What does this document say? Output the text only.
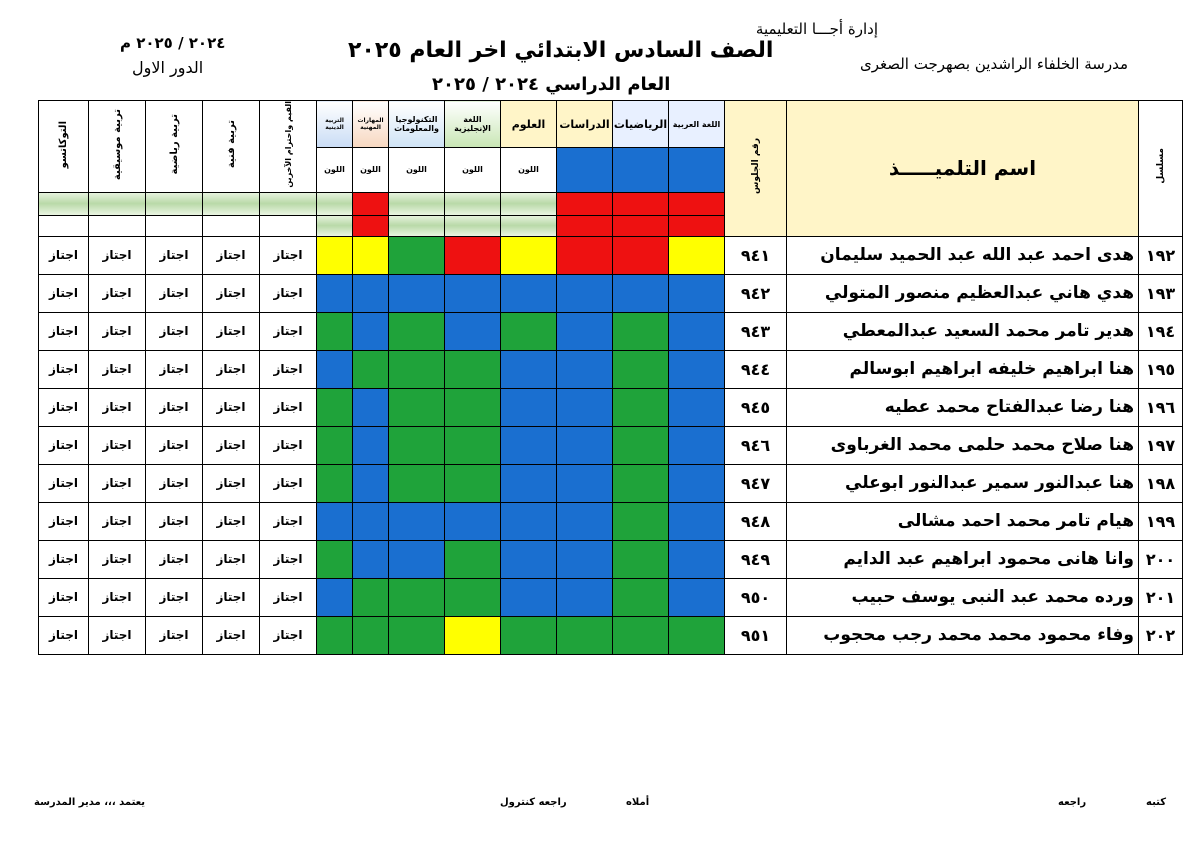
إدارة أجـــا التعليمية
مدرسة الخلفاء الراشدين بصهرجت الصغرى
الصف السادس الابتدائي اخر العام ٢٠٢٥
العام الدراسي ٢٠٢٤ / ٢٠٢٥
٢٠٢٤ / ٢٠٢٥ م
الدور الاول
مسلسل	اسم التلميـــــذ	رقم الجلوس	اللغة العربية	الرياضيات	الدراسات	العلوم	اللغة الإنجليزية	التكنولوجيا والمعلومات	المهارات المهنية	التربية الدينية	القيم واحترام الآخرين	تربية فنية	تربية رياضية	تربية موسيقية	التوكاتسو
						اللون	اللون	اللون	اللون	اللون					

١٩٢	هدى احمد عبد الله عبد الحميد سليمان	٩٤١									اجتاز	اجتاز	اجتاز	اجتاز	اجتاز
١٩٣	هدي هاني عبدالعظيم منصور المتولي	٩٤٢									اجتاز	اجتاز	اجتاز	اجتاز	اجتاز
١٩٤	هدير تامر محمد السعيد عبدالمعطي	٩٤٣									اجتاز	اجتاز	اجتاز	اجتاز	اجتاز
١٩٥	هنا ابراهيم خليفه ابراهيم ابوسالم	٩٤٤									اجتاز	اجتاز	اجتاز	اجتاز	اجتاز
١٩٦	هنا رضا عبدالفتاح محمد عطيه	٩٤٥									اجتاز	اجتاز	اجتاز	اجتاز	اجتاز
١٩٧	هنا صلاح محمد حلمى محمد الغرباوى	٩٤٦									اجتاز	اجتاز	اجتاز	اجتاز	اجتاز
١٩٨	هنا عبدالنور سمير عبدالنور ابوعلي	٩٤٧									اجتاز	اجتاز	اجتاز	اجتاز	اجتاز
١٩٩	هيام تامر محمد احمد مشالى	٩٤٨									اجتاز	اجتاز	اجتاز	اجتاز	اجتاز
٢٠٠	وانا هانى محمود ابراهيم عبد الدايم	٩٤٩									اجتاز	اجتاز	اجتاز	اجتاز	اجتاز
٢٠١	ورده محمد عبد النبى يوسف حبيب	٩٥٠									اجتاز	اجتاز	اجتاز	اجتاز	اجتاز
٢٠٢	وفاء محمود محمد محمد رجب محجوب	٩٥١									اجتاز	اجتاز	اجتاز	اجتاز	اجتاز
كتبه
راجعه
أملاه
راجعه كنترول
يعتمد ،،، مدير المدرسة
